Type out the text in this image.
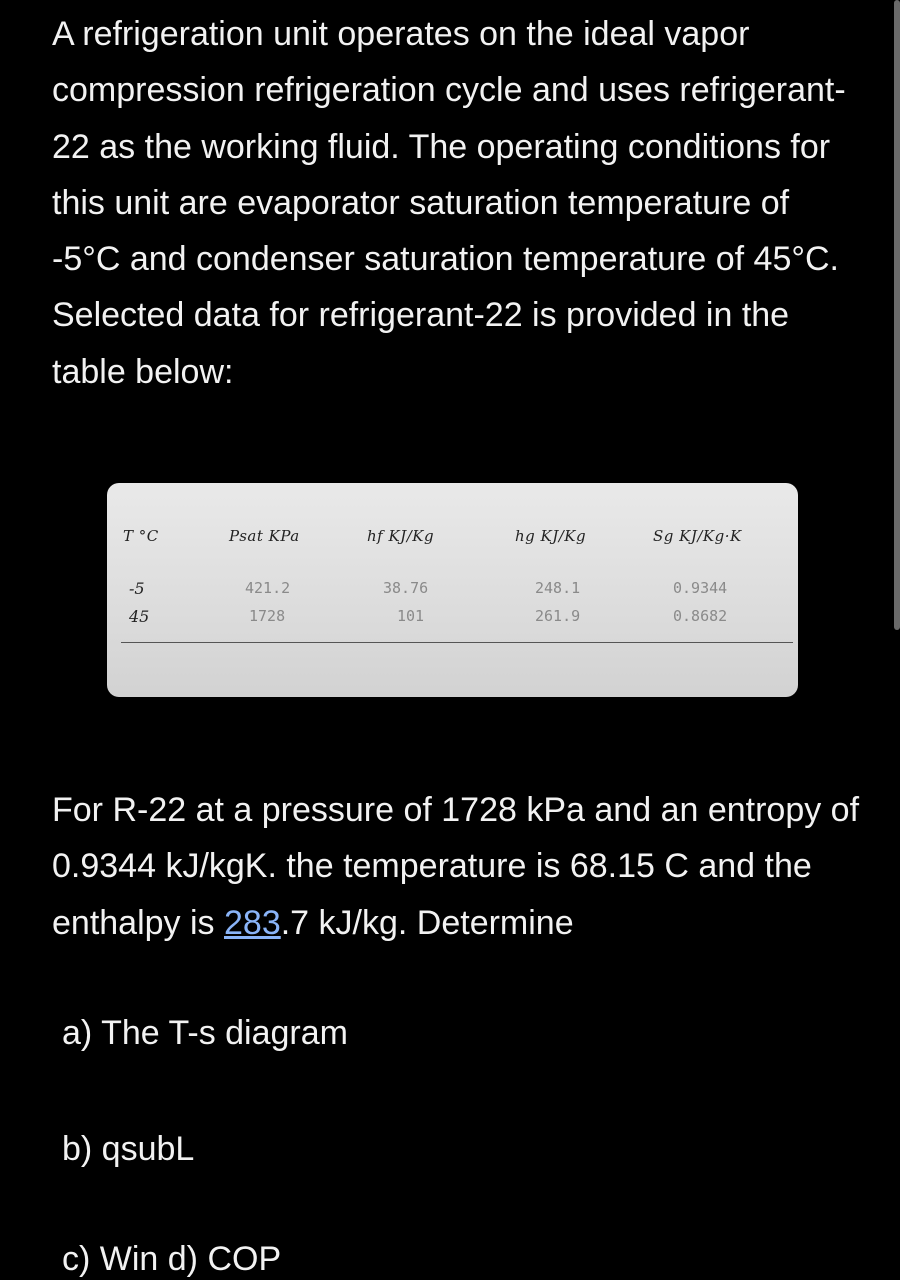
A refrigeration unit operates on the ideal vapor compression refrigeration cycle and uses refrigerant-22 as the working fluid. The operating conditions for this unit are evaporator saturation temperature of -5°C and condenser saturation temperature of 45°C. Selected data for refrigerant-22 is provided in the table below:

T °C	Psat KPa	hf KJ/Kg	hg KJ/Kg	Sg KJ/Kg·K
-5	421.2	38.76	248.1	0.9344
45	1728	101	261.9	0.8682

For R-22 at a pressure of 1728 kPa and an entropy of 0.9344 kJ/kgK. the temperature is 68.15 C and the enthalpy is 283.7 kJ/kg. Determine

a) The T-s diagram

b) qsubL

c) Win d) COP
